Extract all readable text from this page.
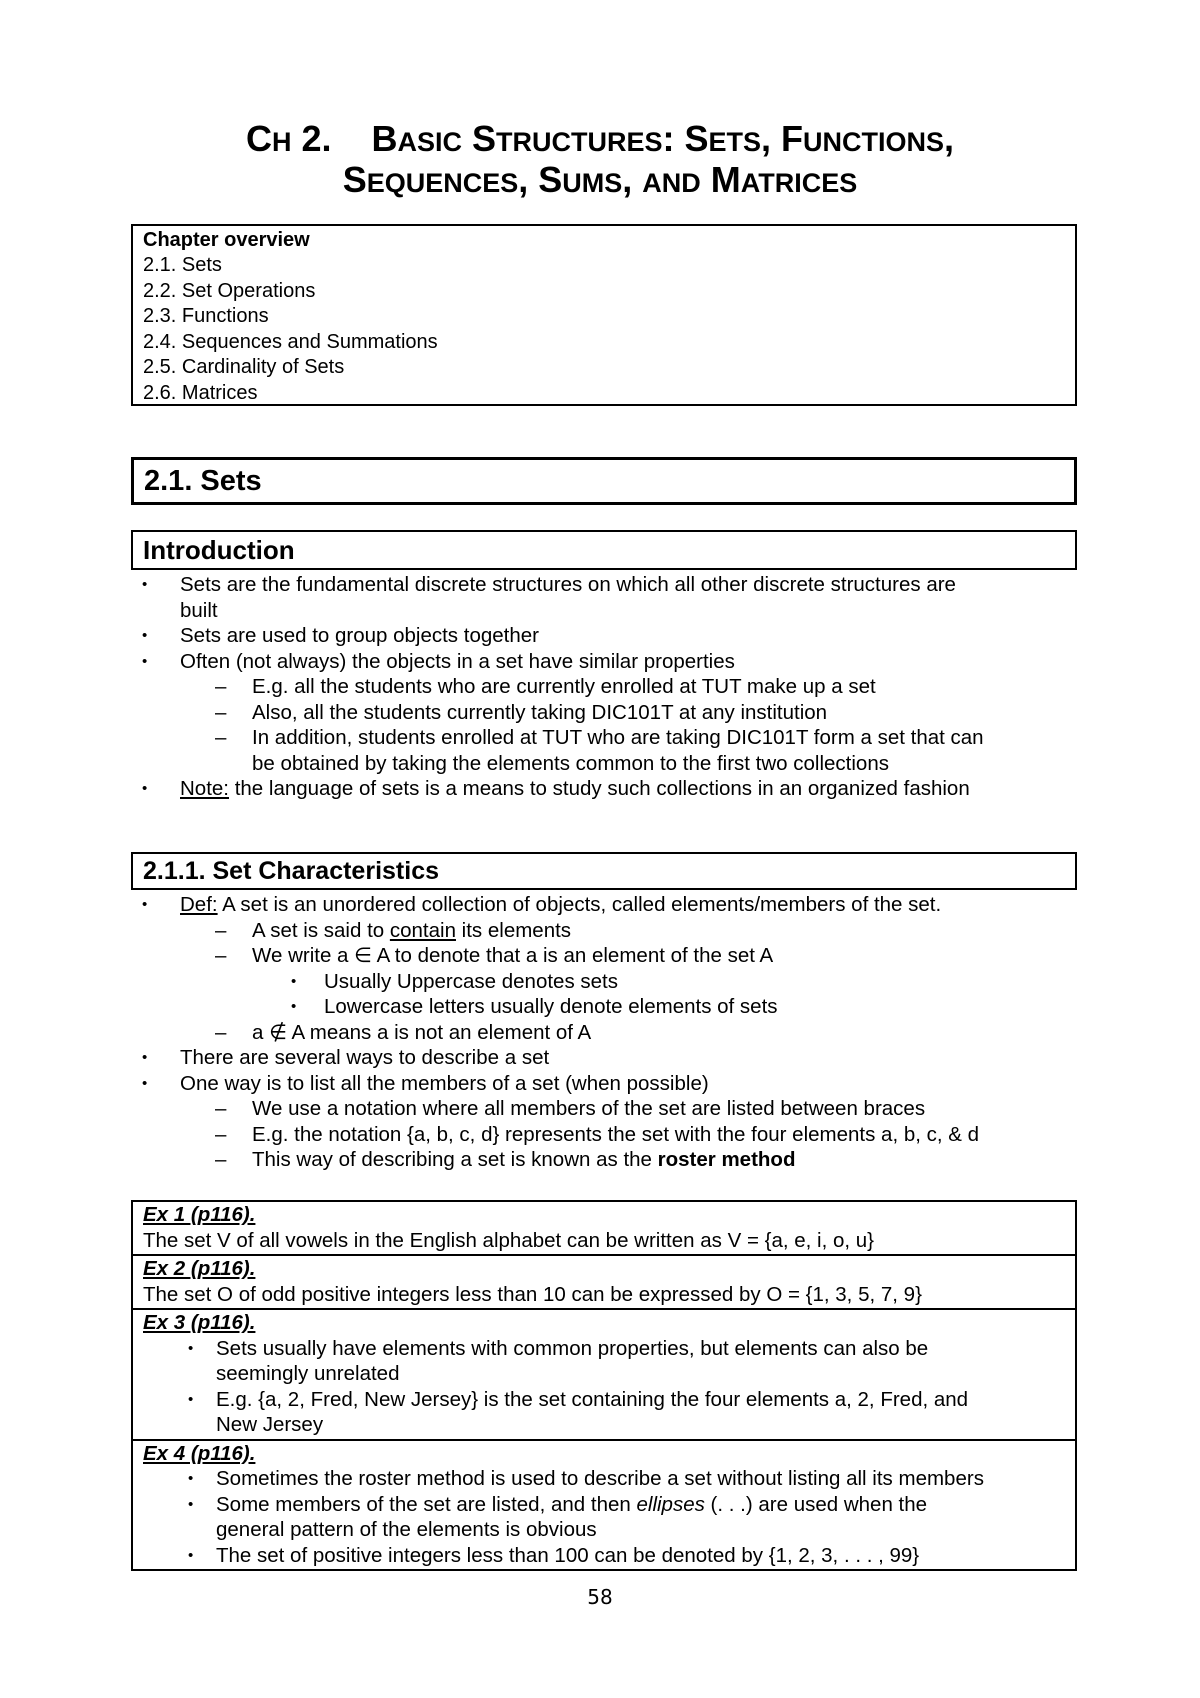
CH 2.    BASIC STRUCTURES: SETS, FUNCTIONS,
SEQUENCES, SUMS, AND MATRICES
Chapter overview
2.1. Sets
2.2. Set Operations
2.3. Functions
2.4. Sequences and Summations
2.5. Cardinality of Sets
2.6. Matrices
2.1. Sets
Introduction
• Sets are the fundamental discrete structures on which all other discrete structures are
built
• Sets are used to group objects together
• Often (not always) the objects in a set have similar properties
– E.g. all the students who are currently enrolled at TUT make up a set
– Also, all the students currently taking DIC101T at any institution
– In addition, students enrolled at TUT who are taking DIC101T form a set that can
be obtained by taking the elements common to the first two collections
• Note: the language of sets is a means to study such collections in an organized fashion
2.1.1. Set Characteristics
• Def: A set is an unordered collection of objects, called elements/members of the set.
– A set is said to contain its elements
– We write a ∈ A to denote that a is an element of the set A
• Usually Uppercase denotes sets
• Lowercase letters usually denote elements of sets
– a ∉ A means a is not an element of A
• There are several ways to describe a set
• One way is to list all the members of a set (when possible)
– We use a notation where all members of the set are listed between braces
– E.g. the notation {a, b, c, d} represents the set with the four elements a, b, c, & d
– This way of describing a set is known as the roster method
Ex 1 (p116).
The set V of all vowels in the English alphabet can be written as V = {a, e, i, o, u}
Ex 2 (p116).
The set O of odd positive integers less than 10 can be expressed by O = {1, 3, 5, 7, 9}
Ex 3 (p116).
• Sets usually have elements with common properties, but elements can also be
seemingly unrelated
• E.g. {a, 2, Fred, New Jersey} is the set containing the four elements a, 2, Fred, and
New Jersey
Ex 4 (p116).
• Sometimes the roster method is used to describe a set without listing all its members
• Some members of the set are listed, and then ellipses (. . .) are used when the
general pattern of the elements is obvious
• The set of positive integers less than 100 can be denoted by {1, 2, 3, . . . , 99}
58
